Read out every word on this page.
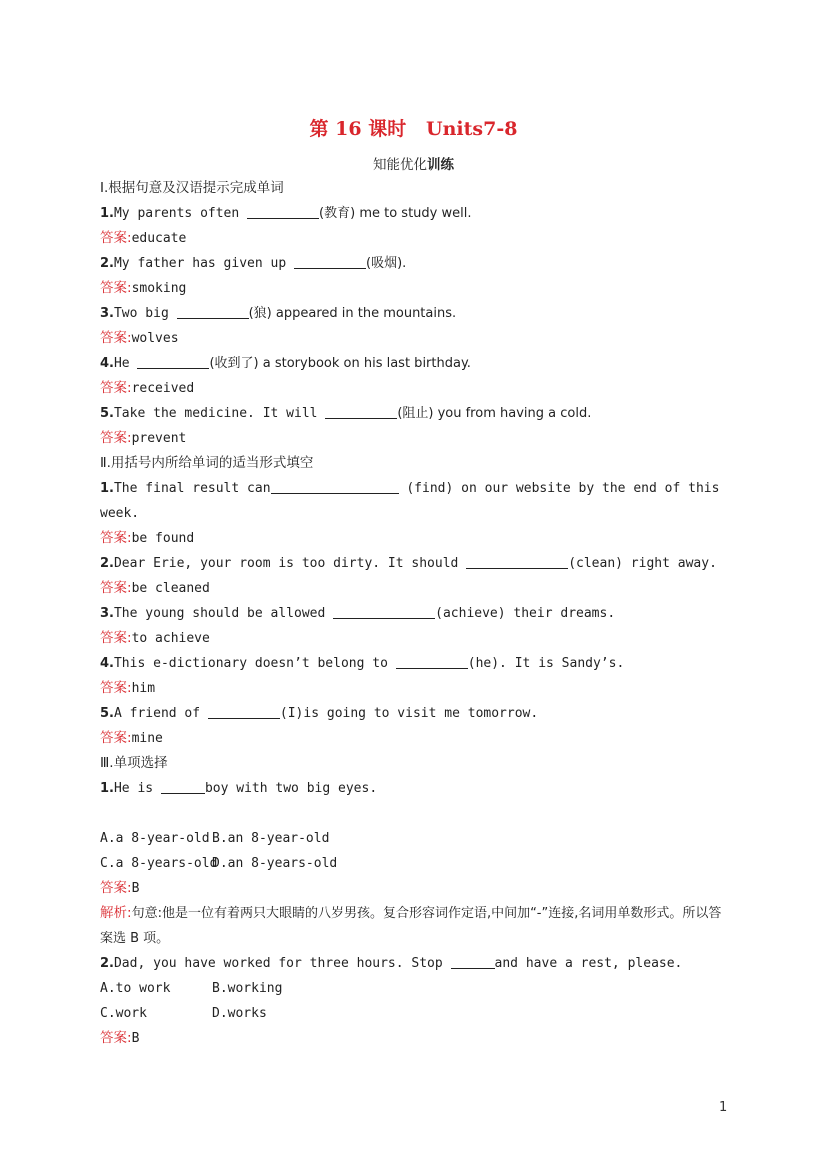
第 16 课时   Units7-8
知能优化训练
Ⅰ.根据句意及汉语提示完成单词
1.My parents often	(教育) me to study well.
答案:educate
2.My father has given up	(吸烟).
答案:smoking
3.Two big	(狼) appeared in the mountains.
答案:wolves
4.He	(收到了) a storybook on his last birthday.
答案:received
5.Take the medicine. It will	(阻止) you from having a cold.
答案:prevent
Ⅱ.用括号内所给单词的适当形式填空
1.The final result can	(find) on our website by the end of this
week.
答案:be found
2.Dear Erie, your room is too dirty. It should	(clean) right away.
答案:be cleaned
3.The young should be allowed	(achieve) their dreams.
答案:to achieve
4.This e-dictionary doesn’t belong to	(he). It is Sandy’s.
答案:him
5.A friend of	(I)is going to visit me tomorrow.
答案:mine
Ⅲ.单项选择
1.He is	boy with two big eyes.
A.a 8-year-old B.an 8-year-old
C.a 8-years-oldD.an 8-years-old
答案:B
解析:句意:他是一位有着两只大眼睛的八岁男孩。复合形容词作定语,中间加“-”连接,名词用单数形式。所以答案选 B 项。
2.Dad, you have worked for three hours. Stop	and have a rest, please.
A.to work	B.working
C.work	D.works
答案:B
1
